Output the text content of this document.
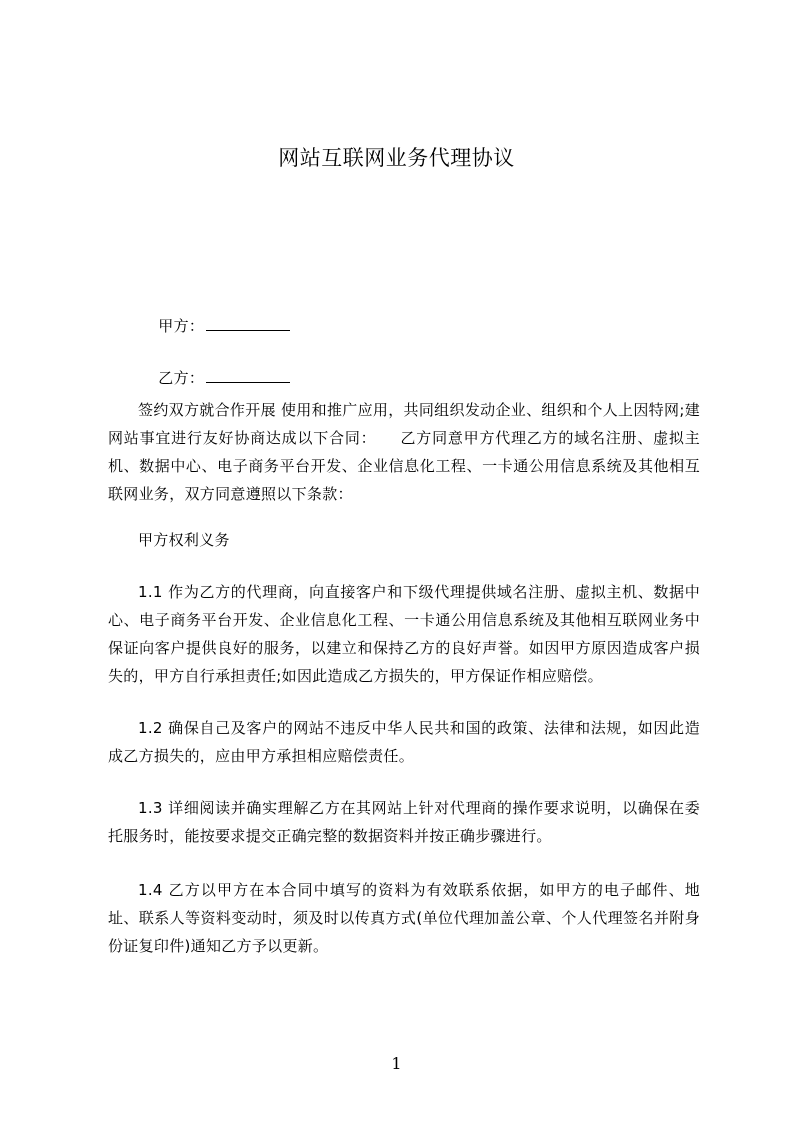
网站互联网业务代理协议

甲方：

乙方：

签约双方就合作开展 使用和推广应用，共同组织发动企业、组织和个人上因特网;建网站事宜进行友好协商达成以下合同：　　乙方同意甲方代理乙方的域名注册、虚拟主机、数据中心、电子商务平台开发、企业信息化工程、一卡通公用信息系统及其他相互联网业务，双方同意遵照以下条款：

甲方权利义务

1.1 作为乙方的代理商，向直接客户和下级代理提供域名注册、虚拟主机、数据中心、电子商务平台开发、企业信息化工程、一卡通公用信息系统及其他相互联网业务中保证向客户提供良好的服务，以建立和保持乙方的良好声誉。如因甲方原因造成客户损失的，甲方自行承担责任;如因此造成乙方损失的，甲方保证作相应赔偿。

1.2 确保自己及客户的网站不违反中华人民共和国的政策、法律和法规，如因此造成乙方损失的，应由甲方承担相应赔偿责任。

1.3 详细阅读并确实理解乙方在其网站上针对代理商的操作要求说明，以确保在委托服务时，能按要求提交正确完整的数据资料并按正确步骤进行。

1.4 乙方以甲方在本合同中填写的资料为有效联系依据，如甲方的电子邮件、地址、联系人等资料变动时，须及时以传真方式(单位代理加盖公章、个人代理签名并附身份证复印件)通知乙方予以更新。

1
